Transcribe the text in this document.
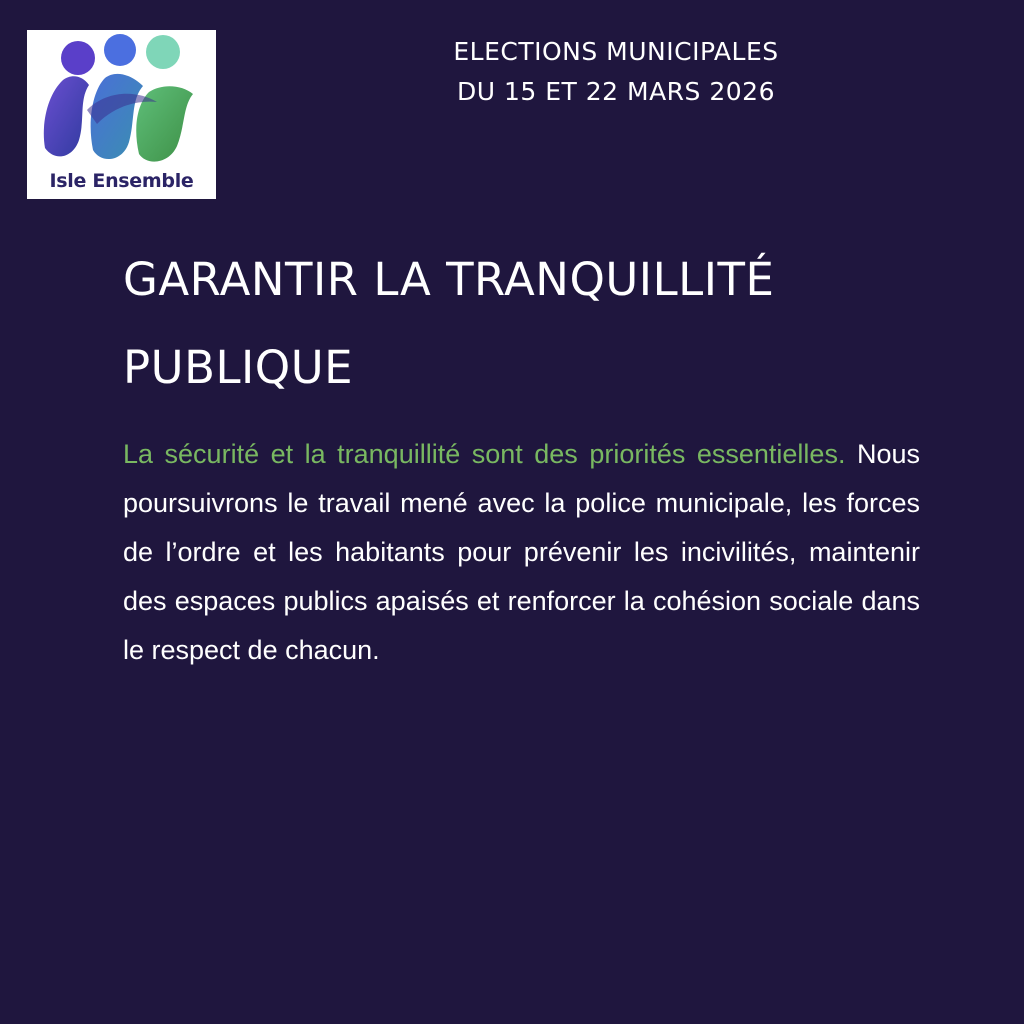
Isle Ensemble
ELECTIONS MUNICIPALES
DU 15 ET 22 MARS 2026
GARANTIR LA TRANQUILLITÉ
PUBLIQUE
La sécurité et la tranquillité sont des priorités essentielles. Nous poursuivrons le travail mené avec la police municipale, les forces de l’ordre et les habitants pour prévenir les incivilités, maintenir des espaces publics apaisés et renforcer la cohésion sociale dans le respect de chacun.
